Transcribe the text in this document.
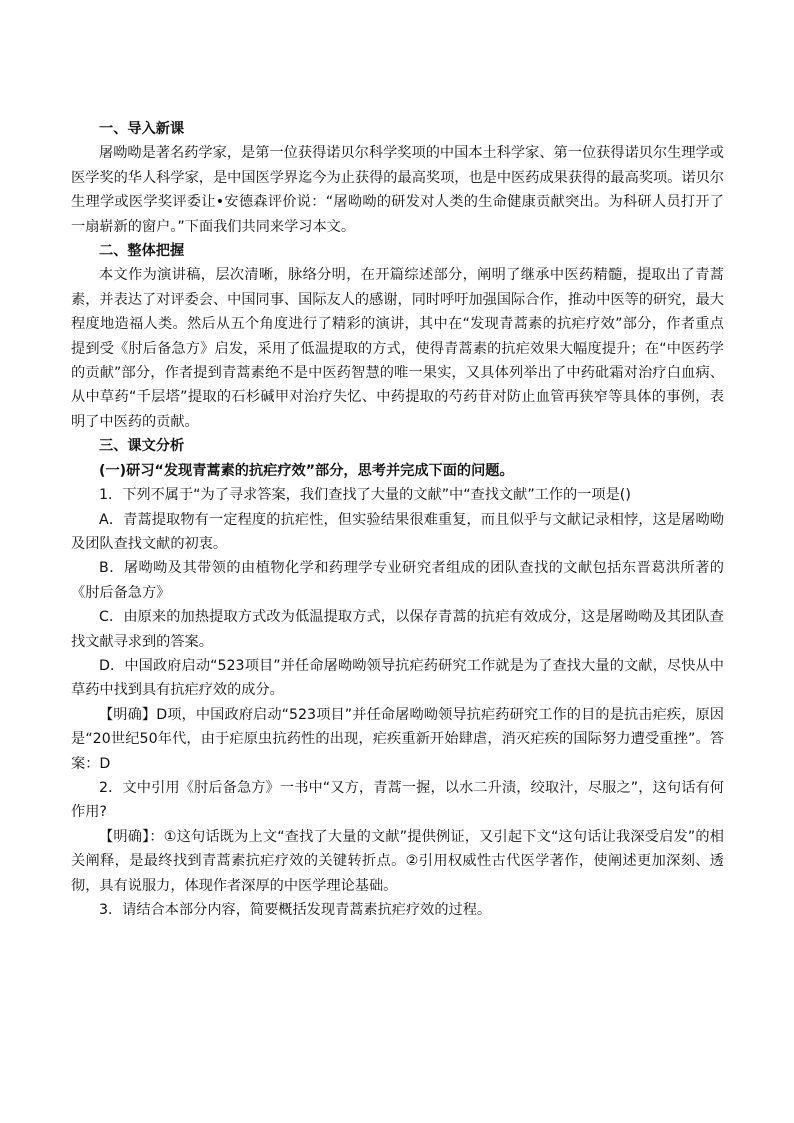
一、导入新课

屠呦呦是著名药学家，是第一位获得诺贝尔科学奖项的中国本土科学家、第一位获得诺贝尔生理学或医学奖的华人科学家，是中国医学界迄今为止获得的最高奖项，也是中医药成果获得的最高奖项。诺贝尔生理学或医学奖评委让•安德森评价说：“屠呦呦的研发对人类的生命健康贡献突出。为科研人员打开了一扇崭新的窗户。”下面我们共同来学习本文。

二、整体把握

本文作为演讲稿，层次清晰，脉络分明，在开篇综述部分，阐明了继承中医药精髓，提取出了青蒿素，并表达了对评委会、中国同事、国际友人的感谢，同时呼吁加强国际合作，推动中医等的研究，最大程度地造福人类。然后从五个角度进行了精彩的演讲，其中在“发现青蒿素的抗疟疗效”部分，作者重点提到受《肘后备急方》启发，采用了低温提取的方式，使得青蒿素的抗疟效果大幅度提升；在“中医药学的贡献”部分，作者提到青蒿素绝不是中医药智慧的唯一果实，又具体列举出了中药砒霜对治疗白血病、从中草药“千层塔”提取的石杉碱甲对治疗失忆、中药提取的芍药苷对防止血管再狭窄等具体的事例，表明了中医药的贡献。

三、课文分析

(一)研习“发现青蒿素的抗疟疗效”部分，思考并完成下面的问题。

1．下列不属于“为了寻求答案，我们查找了大量的文献”中“查找文献”工作的一项是()

A．青蒿提取物有一定程度的抗疟性，但实验结果很难重复，而且似乎与文献记录相悖，这是屠呦呦及团队查找文献的初衷。

B．屠呦呦及其带领的由植物化学和药理学专业研究者组成的团队查找的文献包括东晋葛洪所著的《肘后备急方》

C．由原来的加热提取方式改为低温提取方式，以保存青蒿的抗疟有效成分，这是屠呦呦及其团队查找文献寻求到的答案。

D．中国政府启动“523项目”并任命屠呦呦领导抗疟药研究工作就是为了查找大量的文献，尽快从中草药中找到具有抗疟疗效的成分。

【明确】D项，中国政府启动“523项目”并任命屠呦呦领导抗疟药研究工作的目的是抗击疟疾，原因是“20世纪50年代，由于疟原虫抗药性的出现，疟疾重新开始肆虐，消灭疟疾的国际努力遭受重挫”。答案：D

2．文中引用《肘后备急方》一书中“又方，青蒿一握，以水二升渍，绞取汁，尽服之”，这句话有何作用?

【明确】：①这句话既为上文“查找了大量的文献”提供例证，又引起下文“这句话让我深受启发”的相关阐释，是最终找到青蒿素抗疟疗效的关键转折点。②引用权威性古代医学著作，使阐述更加深刻、透彻，具有说服力，体现作者深厚的中医学理论基础。

3．请结合本部分内容，简要概括发现青蒿素抗疟疗效的过程。
